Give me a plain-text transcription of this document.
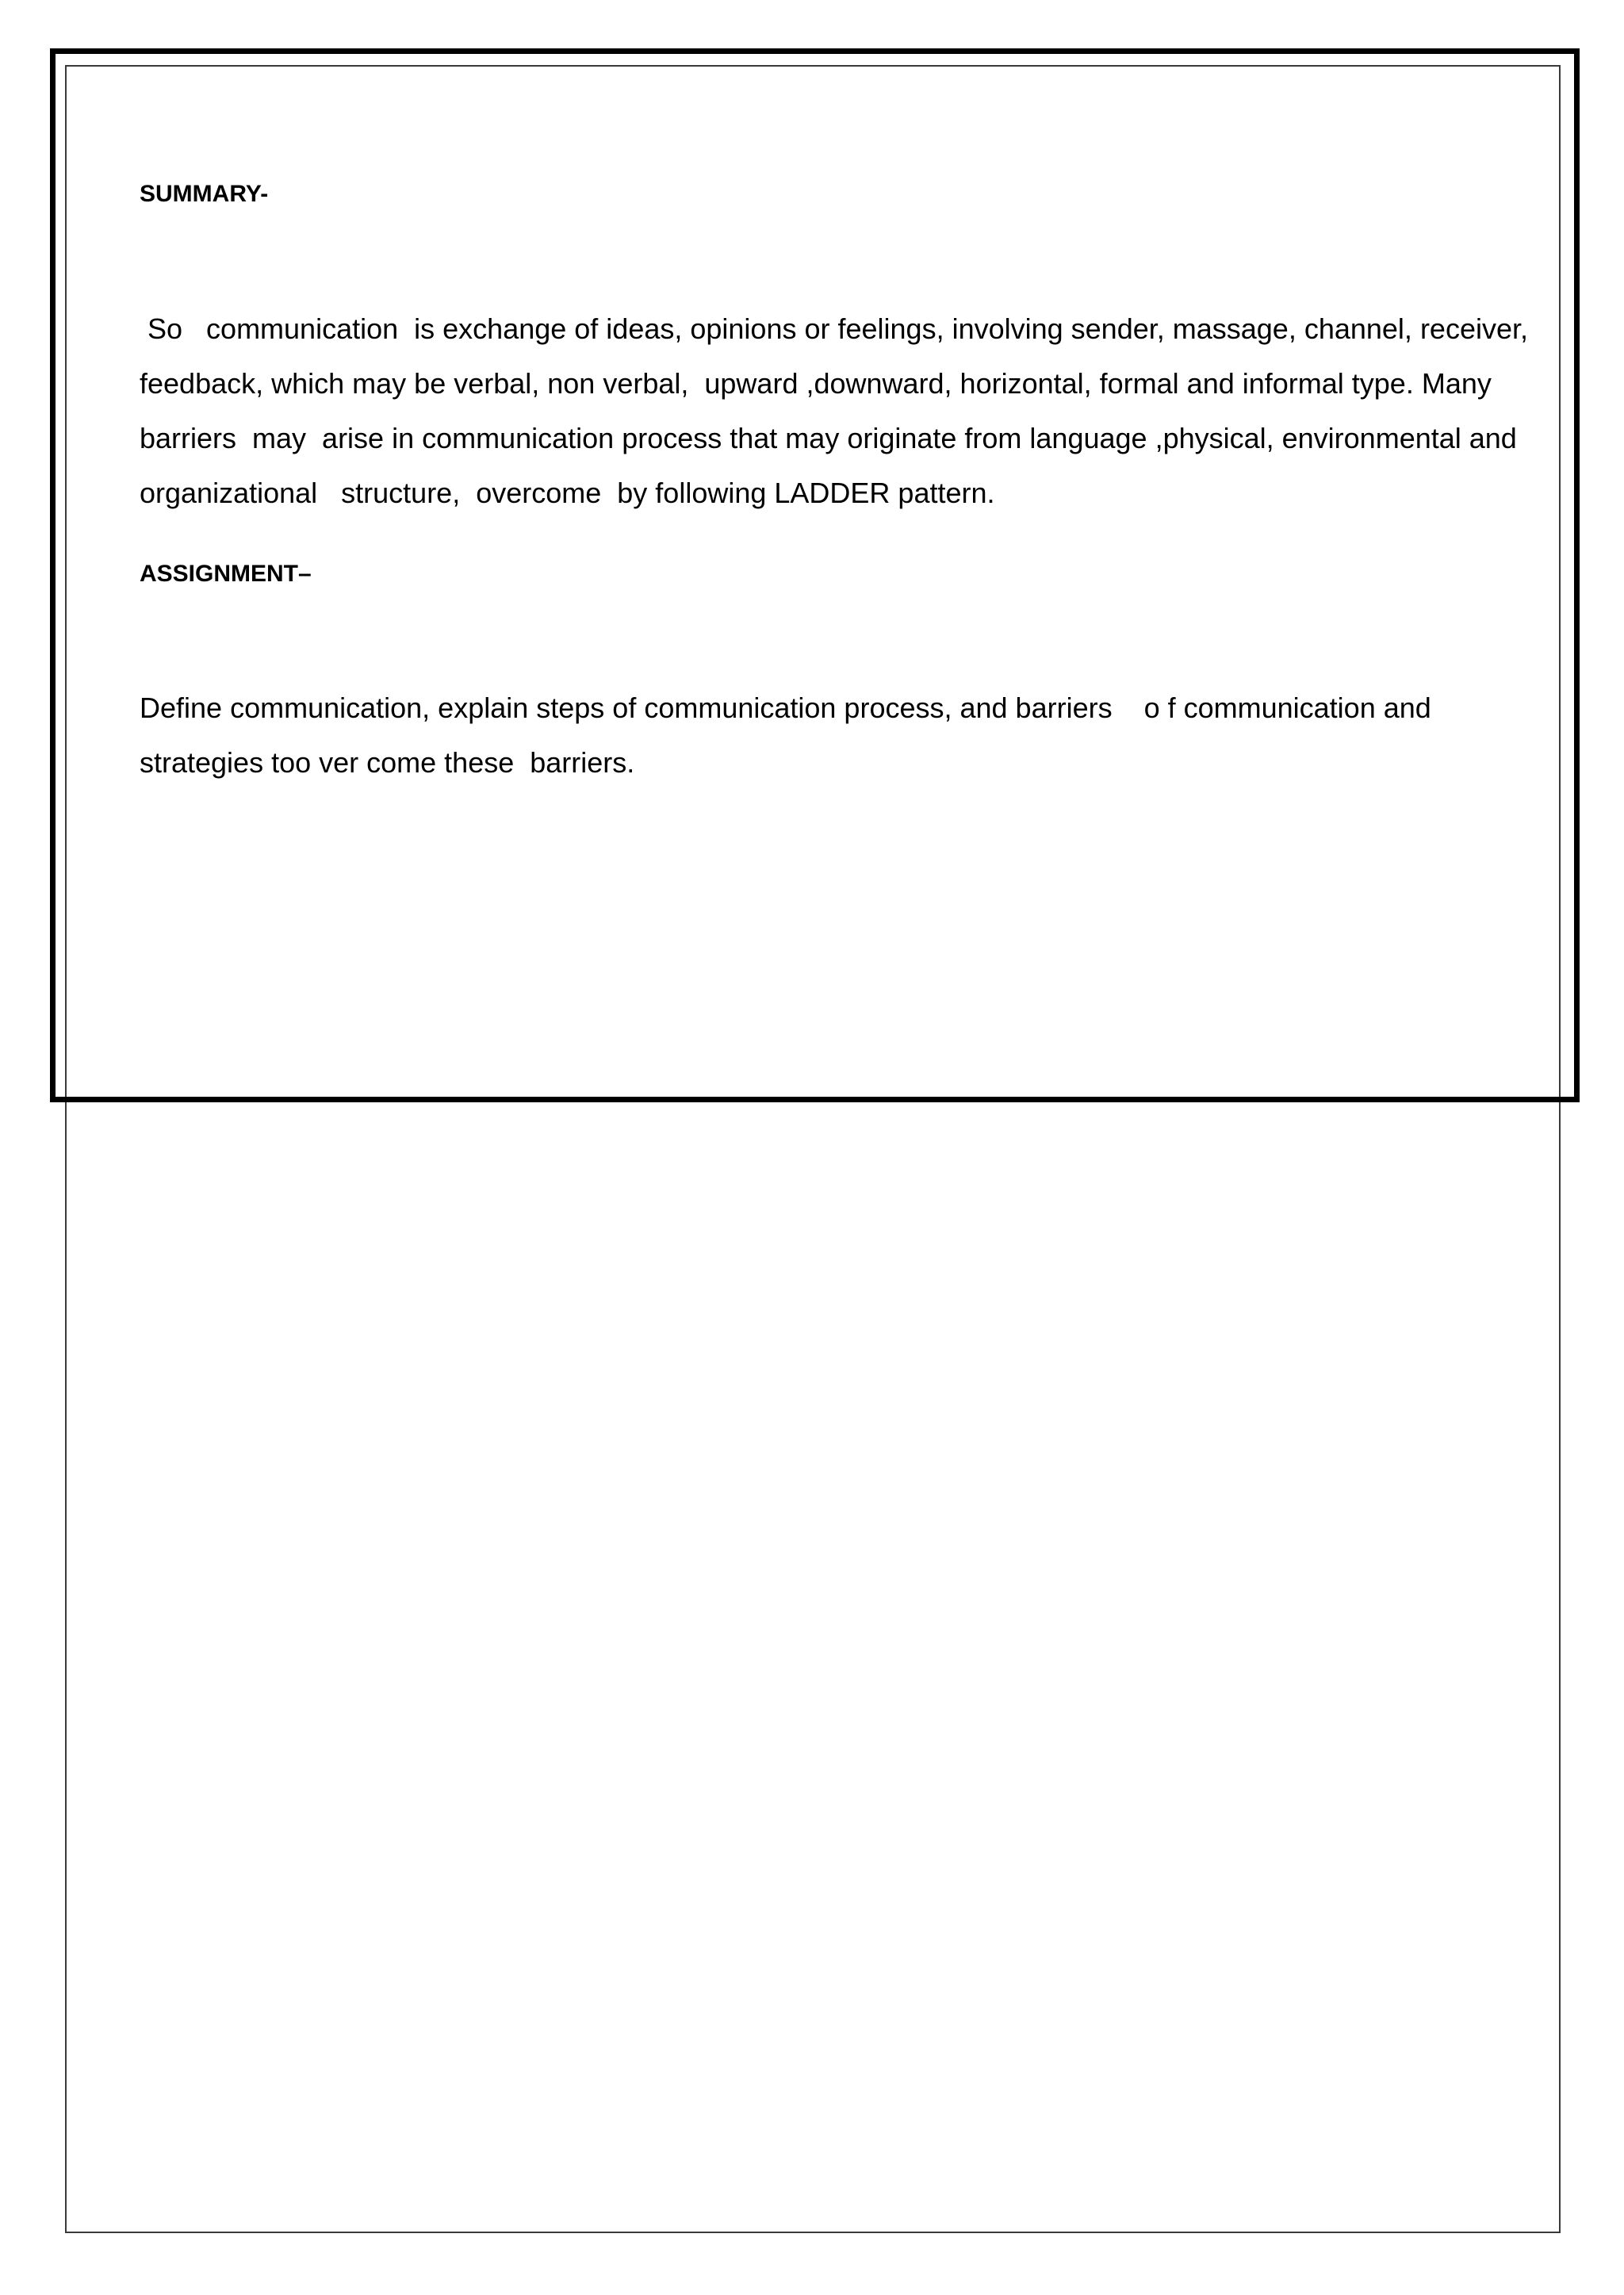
SUMMARY-
So   communication  is exchange of ideas, opinions or feelings, involving sender, massage, channel, receiver,
feedback, which may be verbal, non verbal,  upward ,downward, horizontal, formal and informal type. Many
barriers  may  arise in communication process that may originate from language ,physical, environmental and
organizational   structure,  overcome  by following LADDER pattern.
ASSIGNMENT–
Define communication, explain steps of communication process, and barriers    o f communication and
strategies too ver come these  barriers.
